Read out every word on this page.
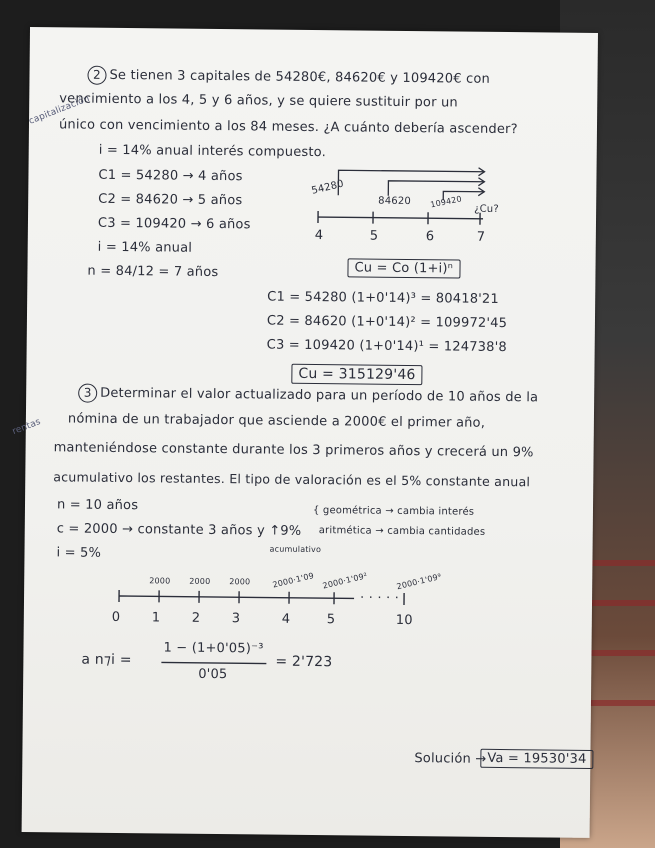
capitalización
2 Se tienen 3 capitales de 54280€, 84620€ y 109420€ con
vencimiento a los 4, 5 y 6 años, y se quiere sustituir por un
único con vencimiento a los 84 meses. ¿A cuánto debería ascender?
i = 14% anual interés compuesto.
C1 = 54280 → 4 años
C2 = 84620 → 5 años
C3 = 109420 → 6 años
i = 14% anual
n = 84/12 = 7 años
54280
84620 109420 ¿Cu?
4	5	6	7
Cu = Co (1+i)ⁿ
C1 = 54280 (1+0'14)³ = 80418'21
C2 = 84620 (1+0'14)² = 109972'45
C3 = 109420 (1+0'14)¹ = 124738'8
Cu = 315129'46
rentas
3 Determinar el valor actualizado para un período de 10 años de la
nómina de un trabajador que asciende a 2000€ el primer año,
manteniéndose constante durante los 3 primeros años y crecerá un 9%
acumulativo los restantes. El tipo de valoración es el 5% constante anual
n = 10 años
c = 2000 → constante 3 años y ↑9%
acumulativo
i = 5%
{ geométrica → cambia interés
aritmética → cambia cantidades
2000 2000 2000	2000·1'09 2000·1'09²	2000·1'09⁹
· · · · ·
0 1 2 3	4	5	10
a n⁊i =
1 − (1+0'05)⁻³
0'05
= 2'723
Solución → Va = 19530'34
